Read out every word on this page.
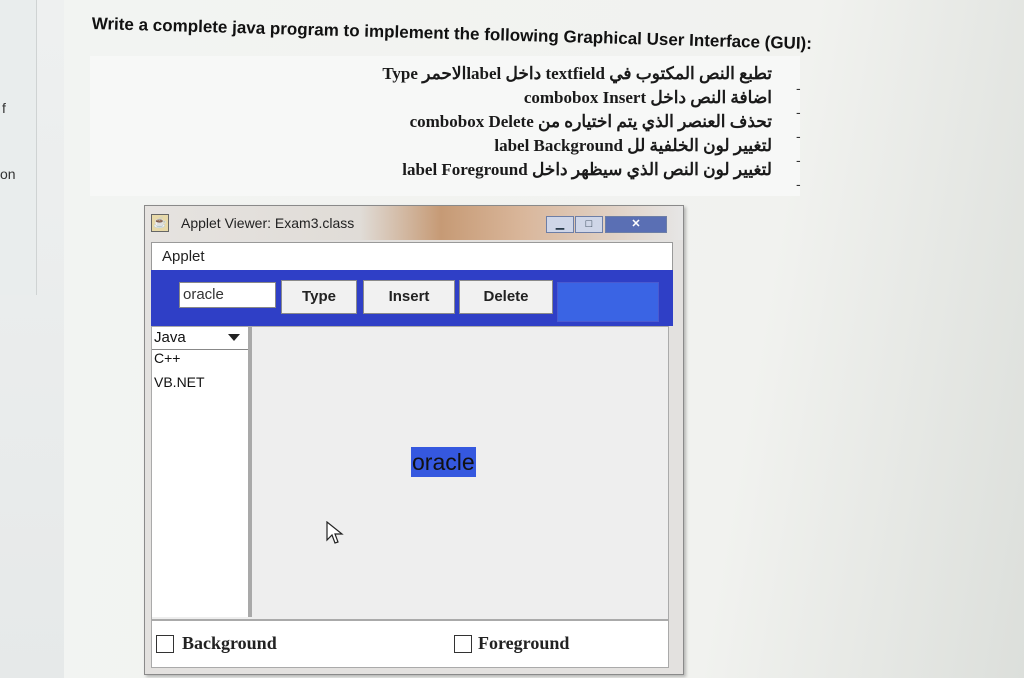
f
on
Write a complete java program to implement the following Graphical User Interface (GUI):
تطبع النص المكتوب في textfield داخل labelالاحمر Type
اضافة النص داخل combobox Insert
تحذف العنصر الذي يتم اختياره من combobox Delete
لتغيير لون الخلفية لل label Background
لتغيير لون النص الذي سيظهر داخل label Foreground
-
-
-
-
-
☕ Applet Viewer: Exam3.class	▁	□	✕
Applet
oracle	Type	Insert	Delete
Java
C++
VB.NET
oracle
Background	Foreground
